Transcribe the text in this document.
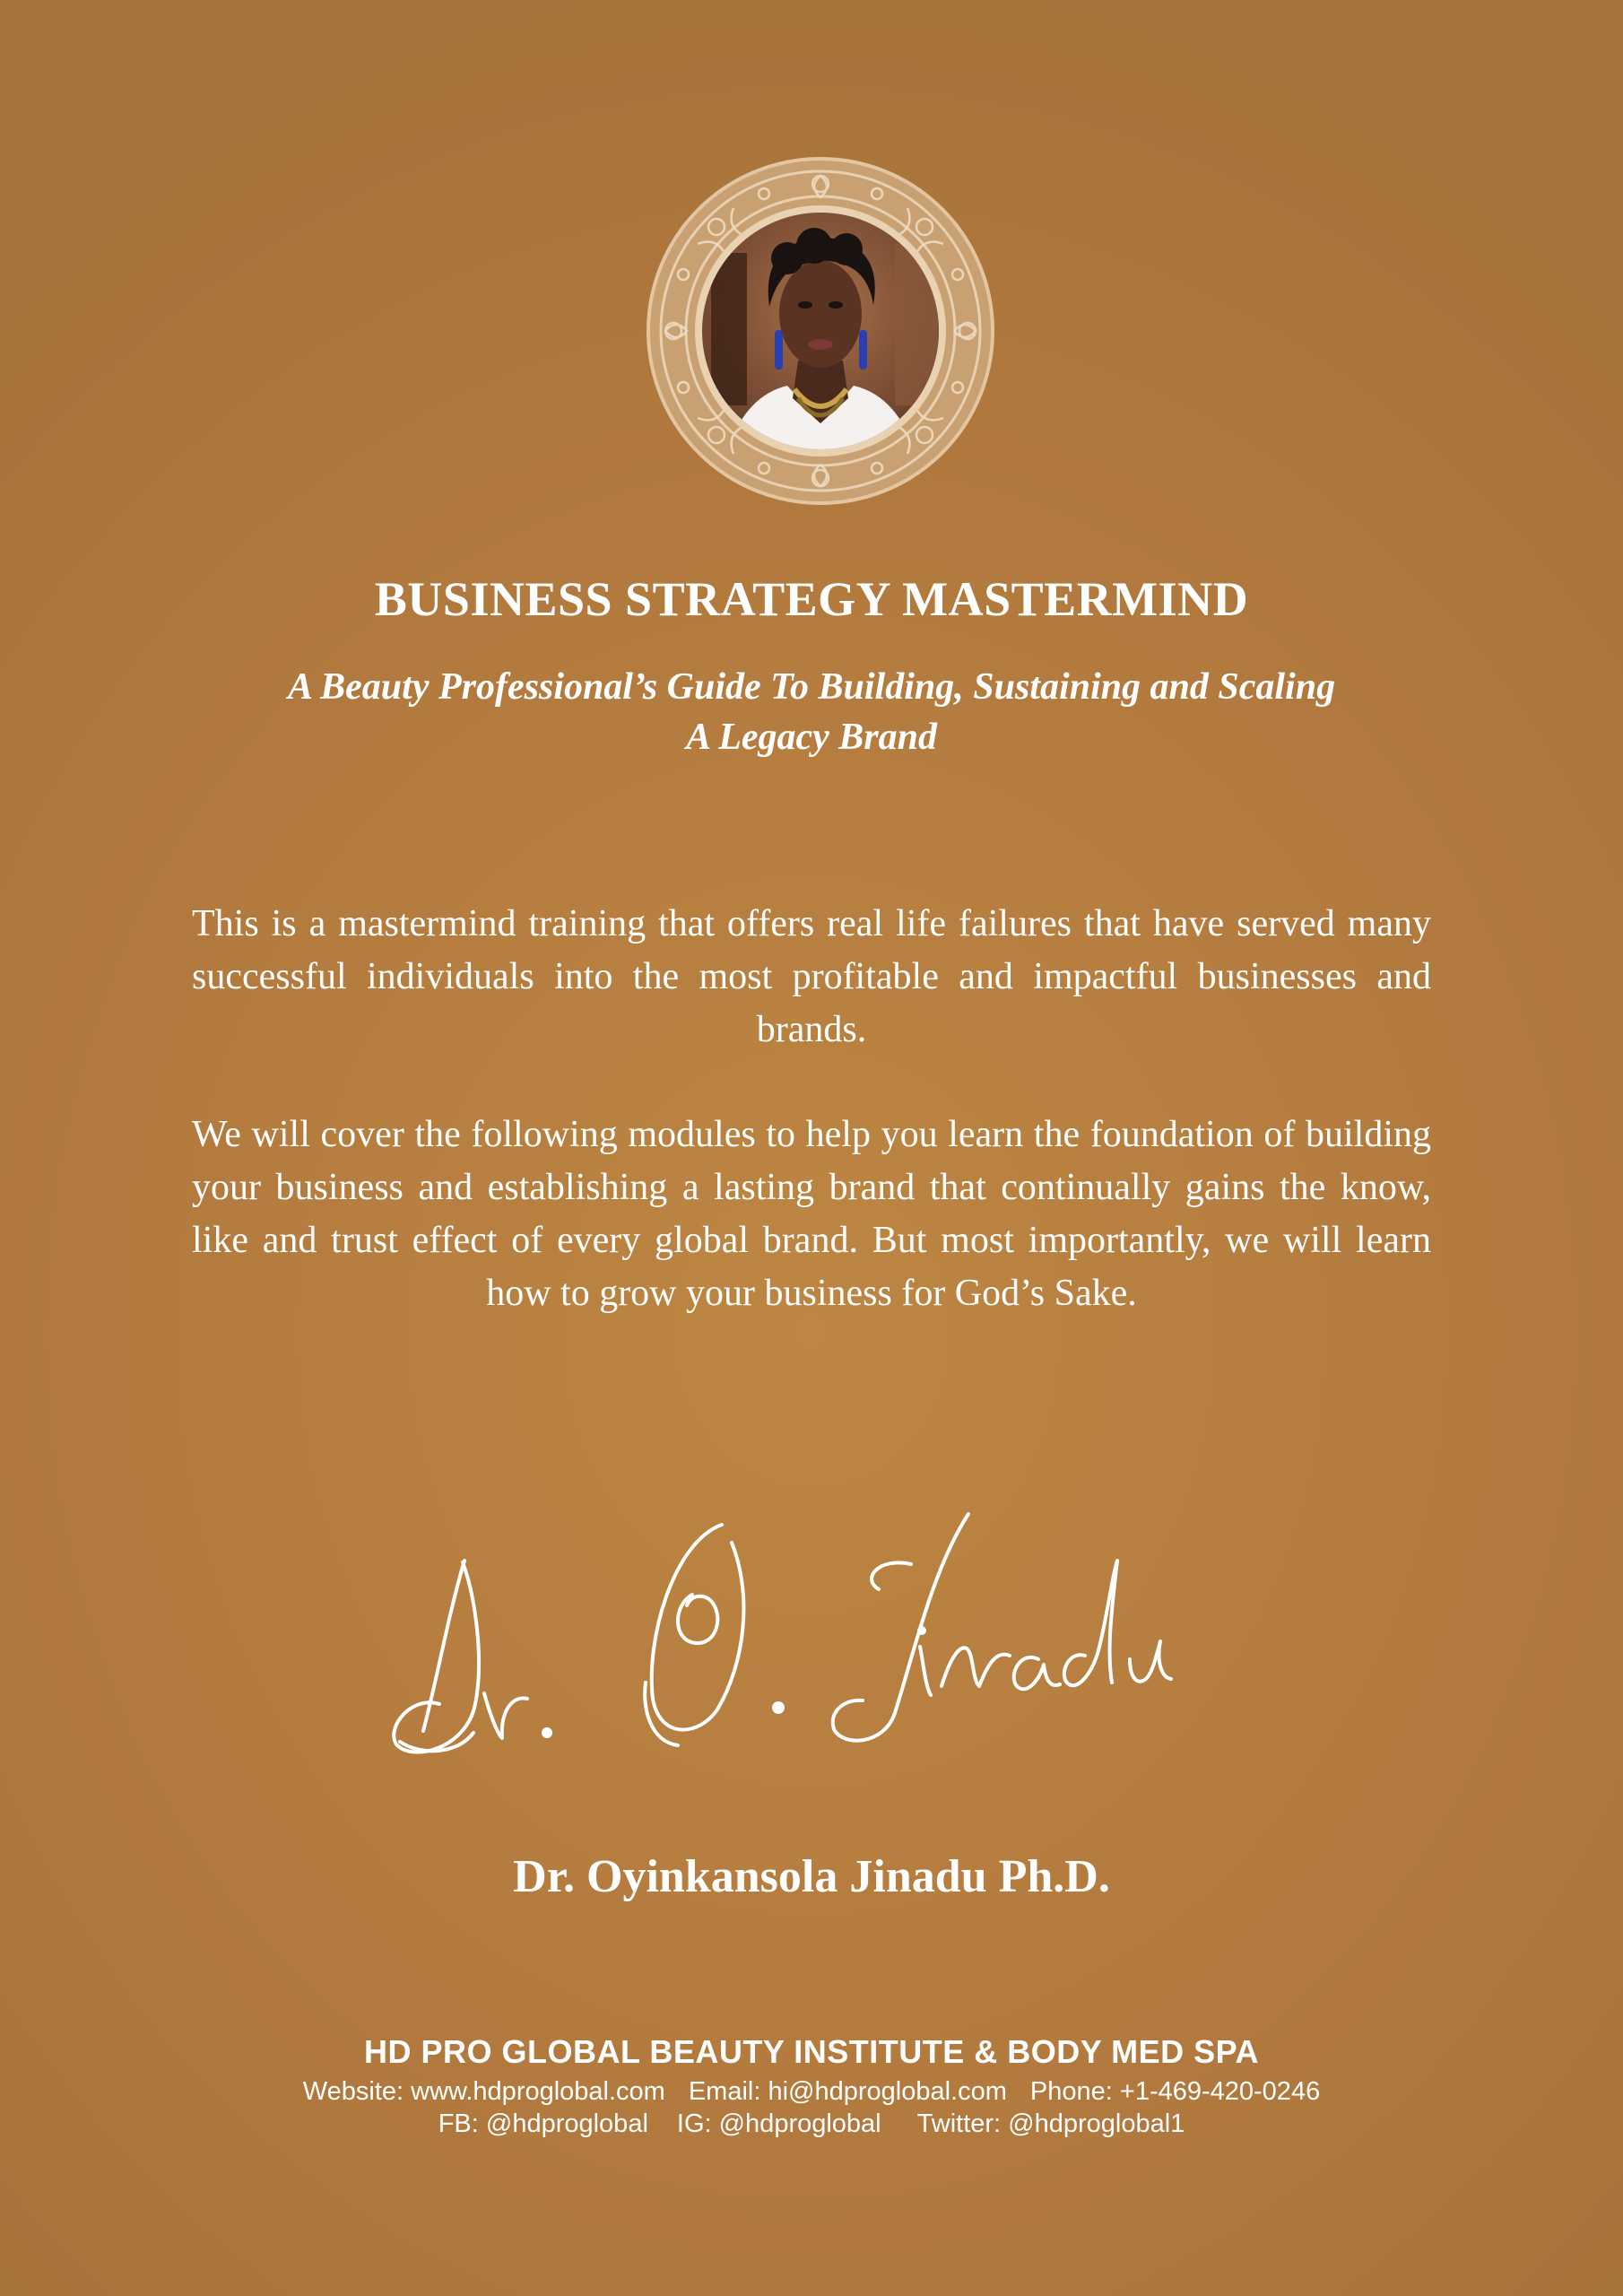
BUSINESS STRATEGY MASTERMIND
A Beauty Professional’s Guide To Building, Sustaining and Scaling
A Legacy Brand

This is a mastermind training that offers real life failures that have served many successful individuals into the most profitable and impactful businesses and brands.

We will cover the following modules to help you learn the foundation of building your business and establishing a lasting brand that continually gains the know, like and trust effect of every global brand. But most importantly, we will learn how to grow your business for God’s Sake.

Dr. Oyinkansola Jinadu Ph.D.

HD PRO GLOBAL BEAUTY INSTITUTE & BODY MED SPA

Website: www.hdproglobal.com Email: hi@hdproglobal.com Phone: +1-469-420-0246

FB: @hdproglobal IG: @hdproglobal Twitter: @hdproglobal1
